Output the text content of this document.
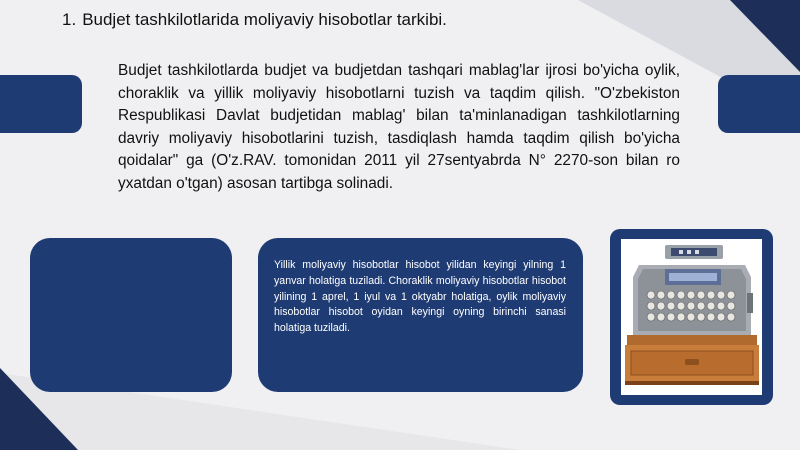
1. Budjet tashkilotlarida moliyaviy hisobotlar tarkibi.

Budjet tashkilotlarda budjet va budjetdan tashqari mablag'lar ijrosi bo'yicha oylik, choraklik va yillik moliyaviy hisobotlarni tuzish va taqdim qilish. "O'zbekiston Respublikasi Davlat budjetidan mablag' bilan ta'minlanadigan tashkilotlarning davriy moliyaviy hisobotlarini tuzish, tasdiqlash hamda taqdim qilish bo'yicha qoidalar" ga (O'z.RAV. tomonidan 2011 yil 27sentyabrda N° 2270-son bilan ro yxatdan o'tgan) asosan tartibga solinadi.

Yillik moliyaviy hisobotlar hisobot yilidan keyingi yilning 1 yanvar holatiga tuziladi. Choraklik moliyaviy hisobotlar hisobot yilining 1 aprel, 1 iyul va 1 oktyabr holatiga, oylik moliyaviy hisobotlar hisobot oyidan keyingi oyning birinchi sanasi holatiga tuziladi.
